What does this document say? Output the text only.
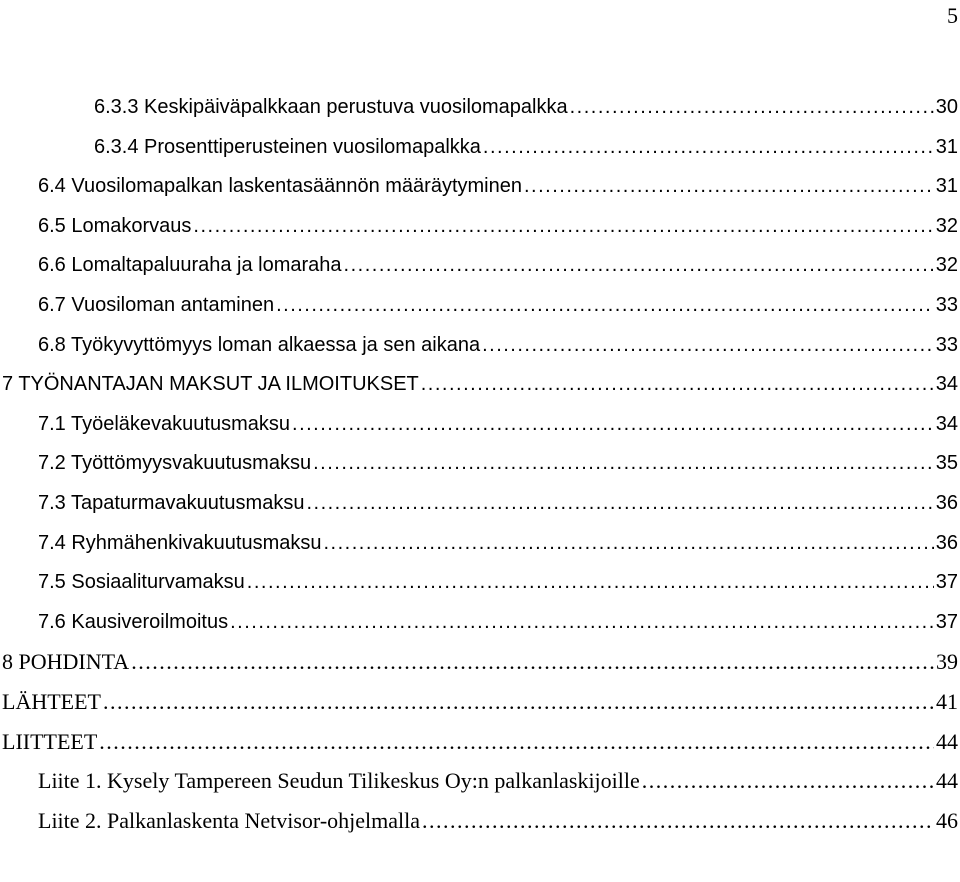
5
6.3.3 Keskipäiväpalkkaan perustuva vuosilomapalkka .....	30
6.3.4 Prosenttiperusteinen vuosilomapalkka .....	31
6.4 Vuosilomapalkan laskentasäännön määräytyminen .....	31
6.5 Lomakorvaus .....	32
6.6 Lomaltapaluuraha ja lomaraha .....	32
6.7 Vuosiloman antaminen .....	33
6.8 Työkyvyttömyys loman alkaessa ja sen aikana .....	33
7 TYÖNANTAJAN MAKSUT JA ILMOITUKSET .....	34
7.1 Työeläkevakuutusmaksu .....	34
7.2 Työttömyysvakuutusmaksu .....	35
7.3 Tapaturmavakuutusmaksu .....	36
7.4 Ryhmähenkivakuutusmaksu .....	36
7.5 Sosiaaliturvamaksu .....	37
7.6 Kausiveroilmoitus .....	37
8 POHDINTA .....	39
LÄHTEET .....	41
LIITTEET .....	44
Liite 1. Kysely Tampereen Seudun Tilikeskus Oy:n palkanlaskijoille .....	44
Liite 2. Palkanlaskenta Netvisor-ohjelmalla .....	46
